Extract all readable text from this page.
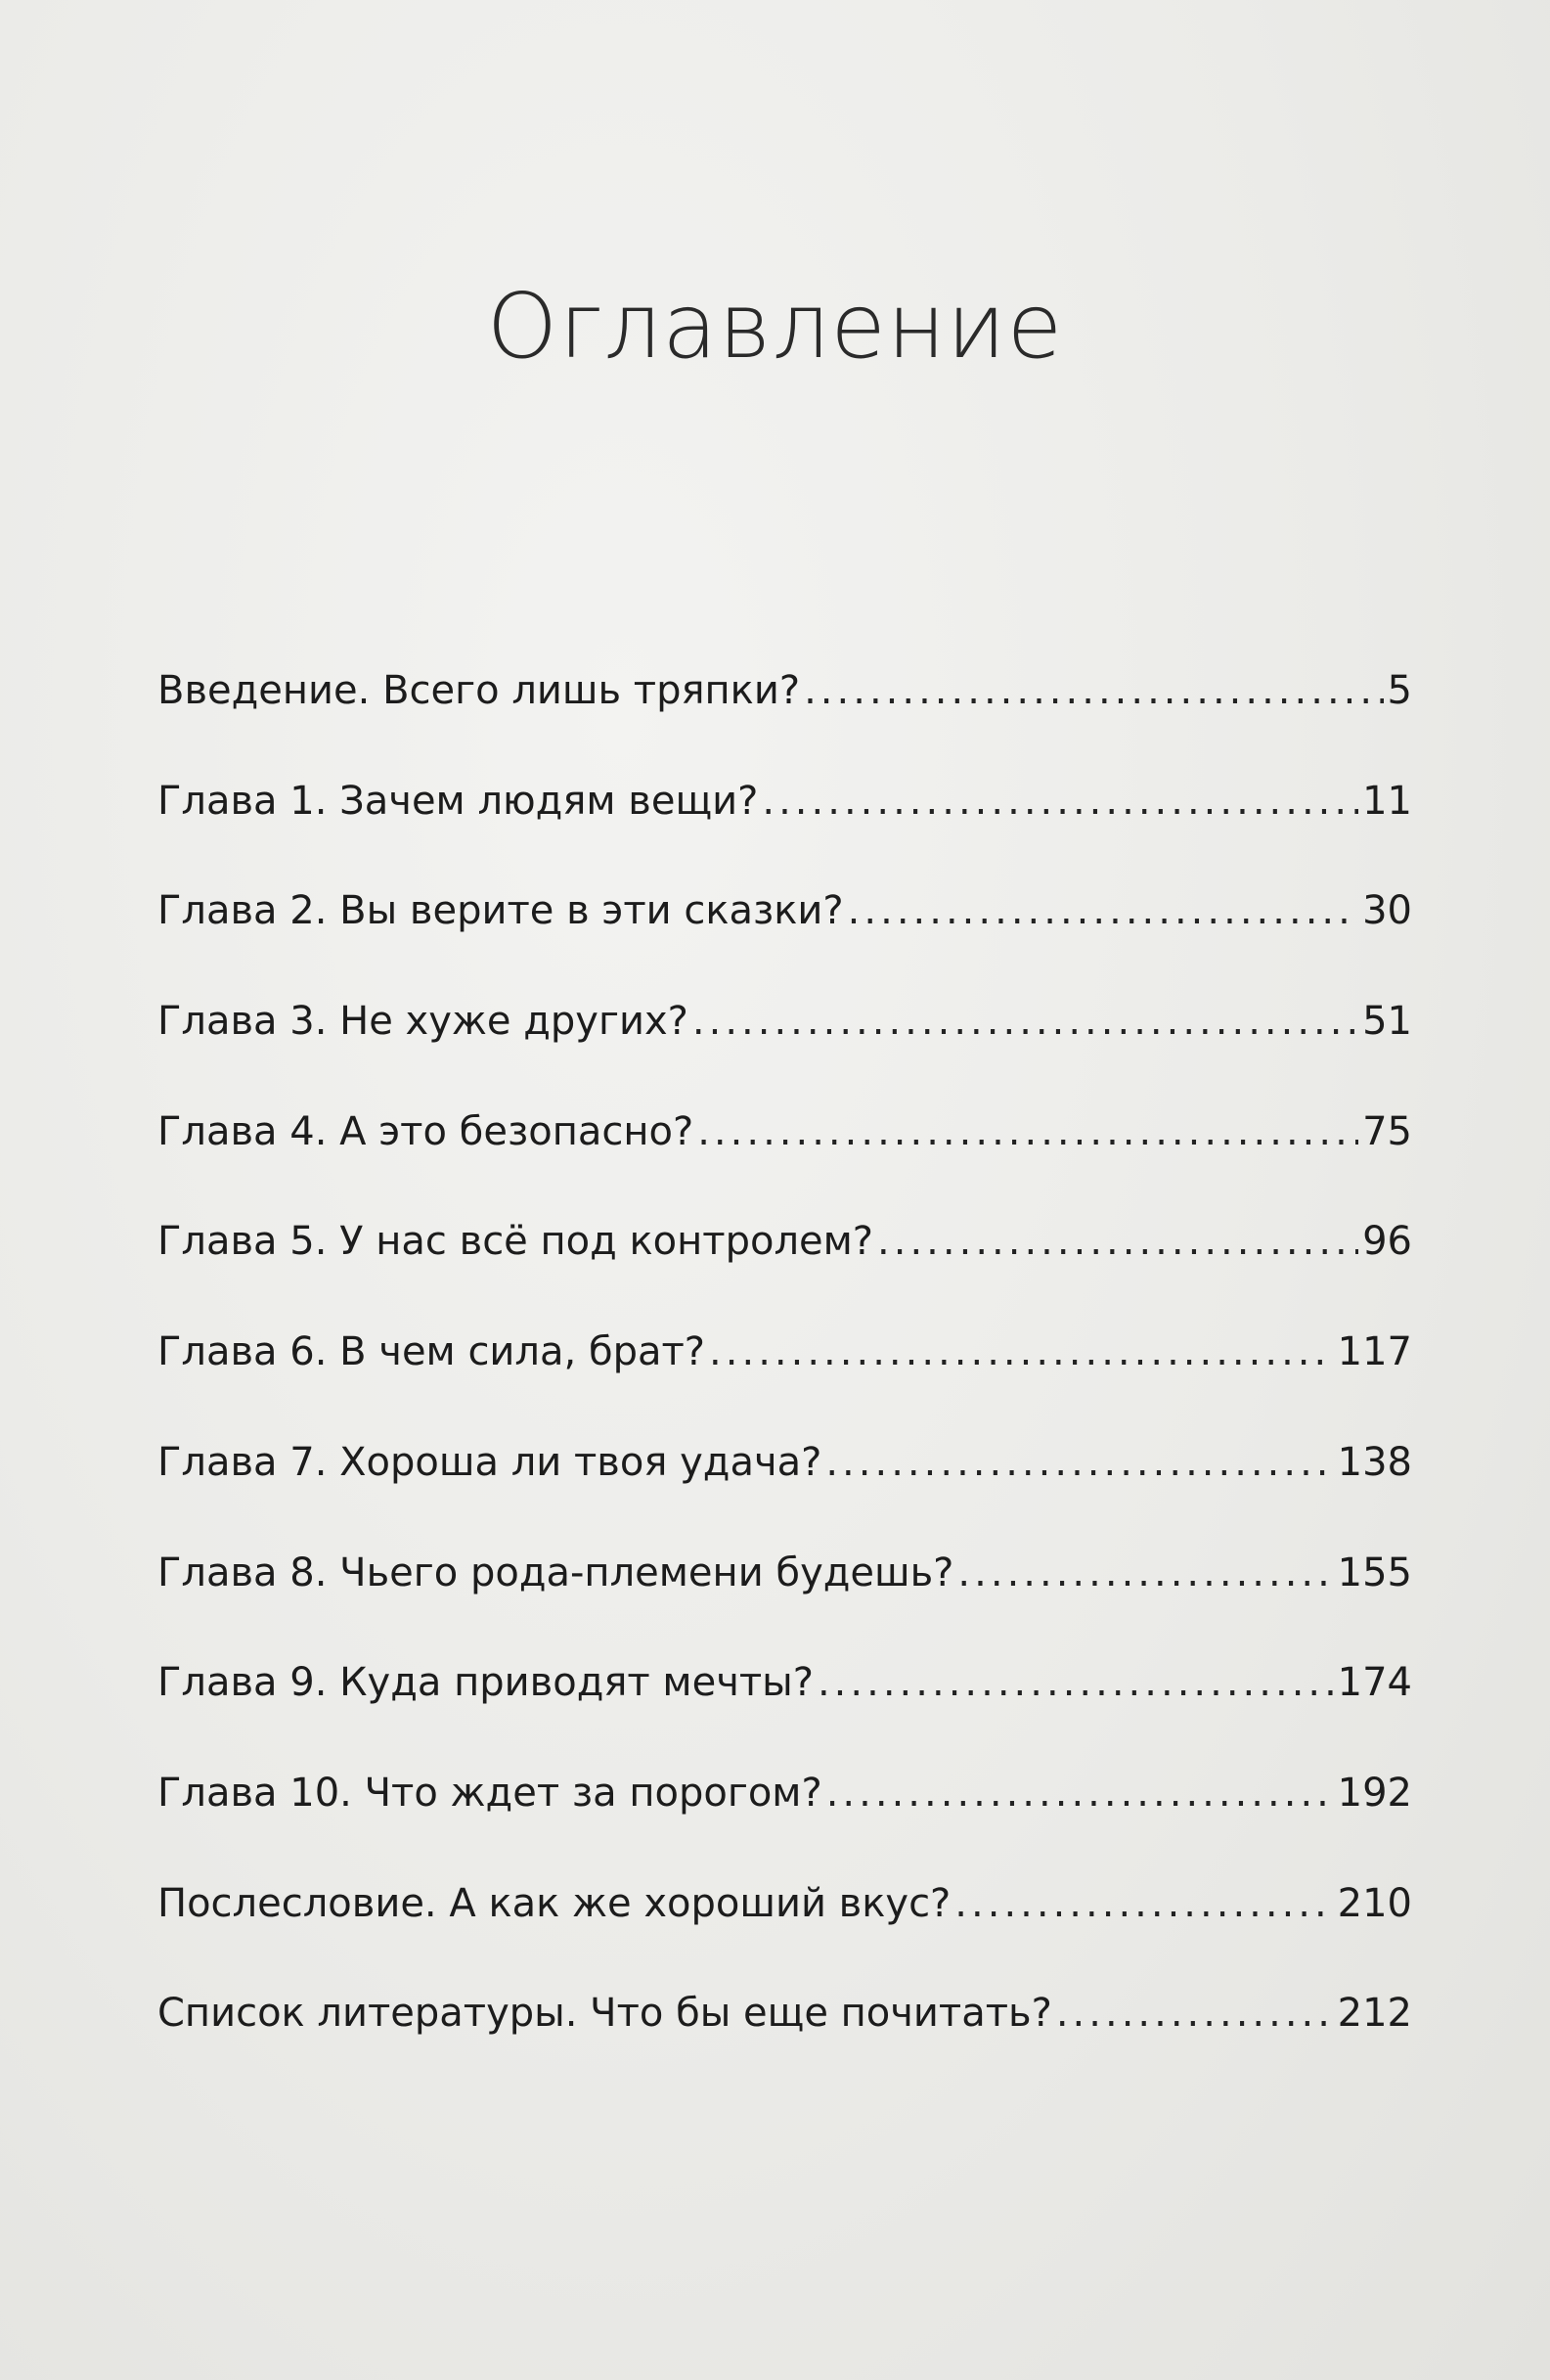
Оглавление
Введение. Всего лишь тряпки? .....	5
Глава 1. Зачем людям вещи? .....	11
Глава 2. Вы верите в эти сказки? .....	30
Глава 3. Не хуже других? .....	51
Глава 4. А это безопасно? .....	75
Глава 5. У нас всё под контролем? .....	96
Глава 6. В чем сила, брат? .....	117
Глава 7. Хороша ли твоя удача? .....	138
Глава 8. Чьего рода-племени будешь? .....	155
Глава 9. Куда приводят мечты? .....	174
Глава 10. Что ждет за порогом? .....	192
Послесловие. А как же хороший вкус? .....	210
Список литературы. Что бы еще почитать? .....	212
